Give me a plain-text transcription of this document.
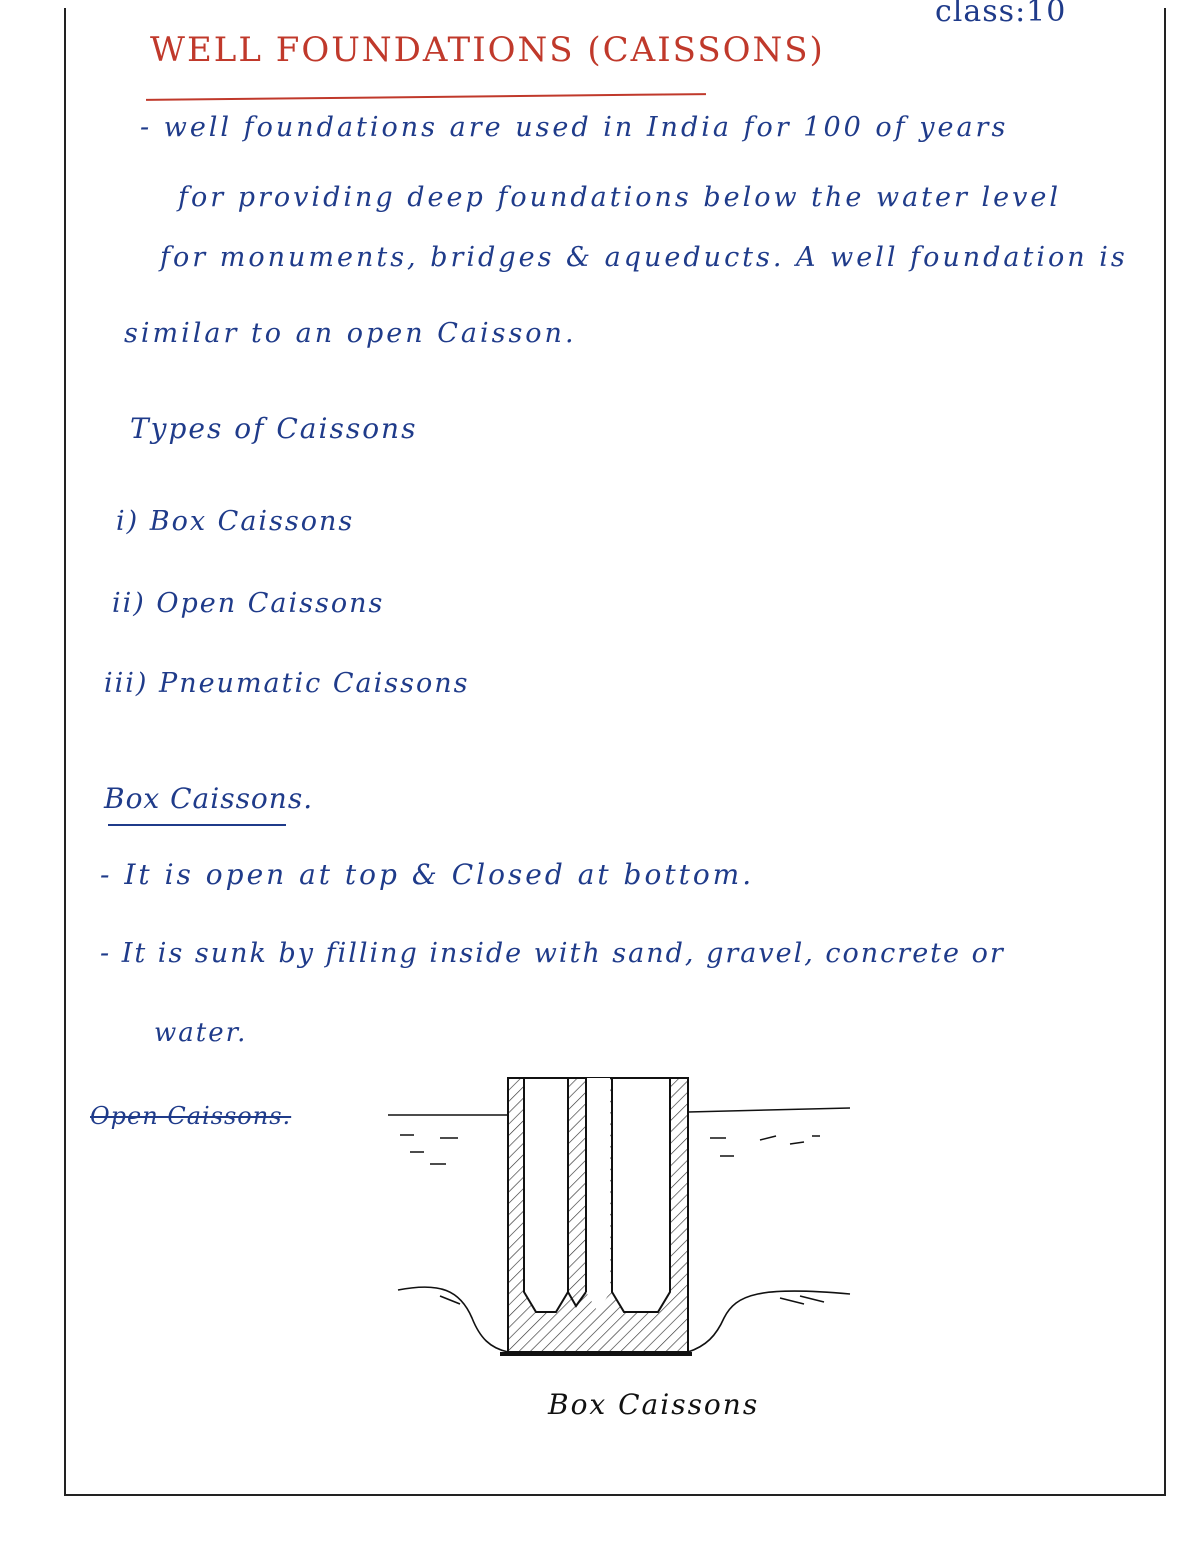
class:10
WELL FOUNDATIONS (CAISSONS)
- well foundations are used in India for 100 of years
for providing deep foundations below the water level
for monuments, bridges & aqueducts. A well foundation is
similar to an open Caisson.
Types of Caissons
i) Box Caissons
ii) Open Caissons
iii) Pneumatic Caissons
Box Caissons.
- It is open at top & Closed at bottom.
- It is sunk by filling inside with sand, gravel, concrete or
water.
Open Caissons.
Box Caissons
